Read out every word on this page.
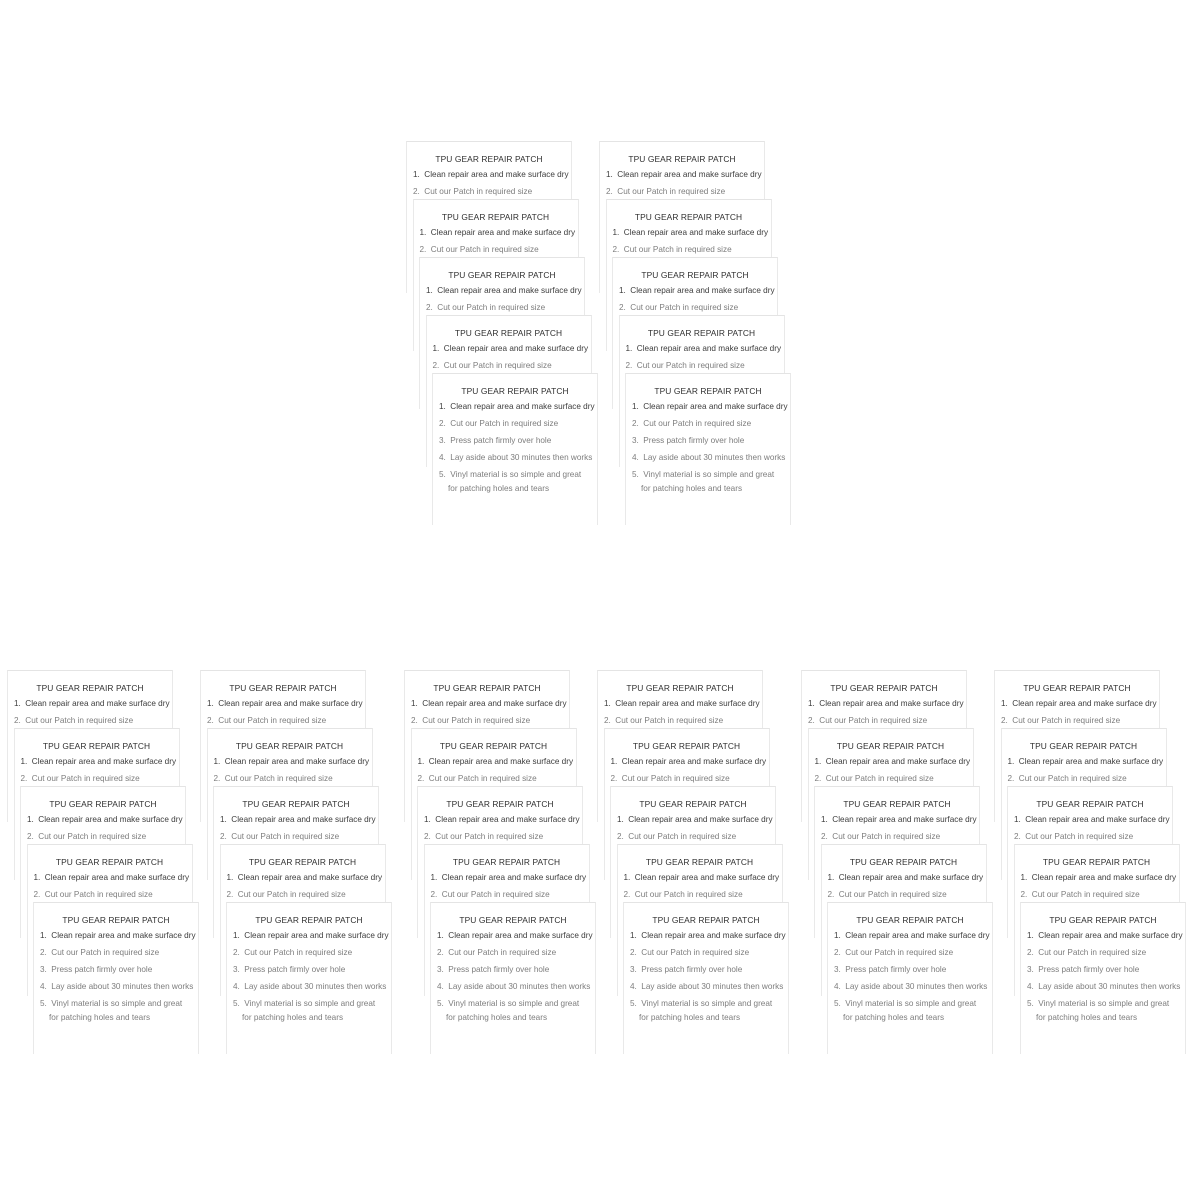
TPU GEAR REPAIR PATCH
1. Clean repair area and make surface dry
2. Cut our Patch in required size
TPU GEAR REPAIR PATCH
1. Clean repair area and make surface dry
2. Cut our Patch in required size
TPU GEAR REPAIR PATCH
1. Clean repair area and make surface dry
2. Cut our Patch in required size
TPU GEAR REPAIR PATCH
1. Clean repair area and make surface dry
2. Cut our Patch in required size
TPU GEAR REPAIR PATCH
1. Clean repair area and make surface dry
2. Cut our Patch in required size
3. Press patch firmly over hole
4. Lay aside about 30 minutes then works
5. Vinyl material is so simple and great
for patching holes and tears
TPU GEAR REPAIR PATCH
1. Clean repair area and make surface dry
2. Cut our Patch in required size
TPU GEAR REPAIR PATCH
1. Clean repair area and make surface dry
2. Cut our Patch in required size
TPU GEAR REPAIR PATCH
1. Clean repair area and make surface dry
2. Cut our Patch in required size
TPU GEAR REPAIR PATCH
1. Clean repair area and make surface dry
2. Cut our Patch in required size
TPU GEAR REPAIR PATCH
1. Clean repair area and make surface dry
2. Cut our Patch in required size
3. Press patch firmly over hole
4. Lay aside about 30 minutes then works
5. Vinyl material is so simple and great
for patching holes and tears
TPU GEAR REPAIR PATCH
1. Clean repair area and make surface dry
2. Cut our Patch in required size
TPU GEAR REPAIR PATCH
1. Clean repair area and make surface dry
2. Cut our Patch in required size
TPU GEAR REPAIR PATCH
1. Clean repair area and make surface dry
2. Cut our Patch in required size
TPU GEAR REPAIR PATCH
1. Clean repair area and make surface dry
2. Cut our Patch in required size
TPU GEAR REPAIR PATCH
1. Clean repair area and make surface dry
2. Cut our Patch in required size
3. Press patch firmly over hole
4. Lay aside about 30 minutes then works
5. Vinyl material is so simple and great
for patching holes and tears
TPU GEAR REPAIR PATCH
1. Clean repair area and make surface dry
2. Cut our Patch in required size
TPU GEAR REPAIR PATCH
1. Clean repair area and make surface dry
2. Cut our Patch in required size
TPU GEAR REPAIR PATCH
1. Clean repair area and make surface dry
2. Cut our Patch in required size
TPU GEAR REPAIR PATCH
1. Clean repair area and make surface dry
2. Cut our Patch in required size
TPU GEAR REPAIR PATCH
1. Clean repair area and make surface dry
2. Cut our Patch in required size
3. Press patch firmly over hole
4. Lay aside about 30 minutes then works
5. Vinyl material is so simple and great
for patching holes and tears
TPU GEAR REPAIR PATCH
1. Clean repair area and make surface dry
2. Cut our Patch in required size
TPU GEAR REPAIR PATCH
1. Clean repair area and make surface dry
2. Cut our Patch in required size
TPU GEAR REPAIR PATCH
1. Clean repair area and make surface dry
2. Cut our Patch in required size
TPU GEAR REPAIR PATCH
1. Clean repair area and make surface dry
2. Cut our Patch in required size
TPU GEAR REPAIR PATCH
1. Clean repair area and make surface dry
2. Cut our Patch in required size
3. Press patch firmly over hole
4. Lay aside about 30 minutes then works
5. Vinyl material is so simple and great
for patching holes and tears
TPU GEAR REPAIR PATCH
1. Clean repair area and make surface dry
2. Cut our Patch in required size
TPU GEAR REPAIR PATCH
1. Clean repair area and make surface dry
2. Cut our Patch in required size
TPU GEAR REPAIR PATCH
1. Clean repair area and make surface dry
2. Cut our Patch in required size
TPU GEAR REPAIR PATCH
1. Clean repair area and make surface dry
2. Cut our Patch in required size
TPU GEAR REPAIR PATCH
1. Clean repair area and make surface dry
2. Cut our Patch in required size
3. Press patch firmly over hole
4. Lay aside about 30 minutes then works
5. Vinyl material is so simple and great
for patching holes and tears
TPU GEAR REPAIR PATCH
1. Clean repair area and make surface dry
2. Cut our Patch in required size
TPU GEAR REPAIR PATCH
1. Clean repair area and make surface dry
2. Cut our Patch in required size
TPU GEAR REPAIR PATCH
1. Clean repair area and make surface dry
2. Cut our Patch in required size
TPU GEAR REPAIR PATCH
1. Clean repair area and make surface dry
2. Cut our Patch in required size
TPU GEAR REPAIR PATCH
1. Clean repair area and make surface dry
2. Cut our Patch in required size
3. Press patch firmly over hole
4. Lay aside about 30 minutes then works
5. Vinyl material is so simple and great
for patching holes and tears
TPU GEAR REPAIR PATCH
1. Clean repair area and make surface dry
2. Cut our Patch in required size
TPU GEAR REPAIR PATCH
1. Clean repair area and make surface dry
2. Cut our Patch in required size
TPU GEAR REPAIR PATCH
1. Clean repair area and make surface dry
2. Cut our Patch in required size
TPU GEAR REPAIR PATCH
1. Clean repair area and make surface dry
2. Cut our Patch in required size
TPU GEAR REPAIR PATCH
1. Clean repair area and make surface dry
2. Cut our Patch in required size
3. Press patch firmly over hole
4. Lay aside about 30 minutes then works
5. Vinyl material is so simple and great
for patching holes and tears
